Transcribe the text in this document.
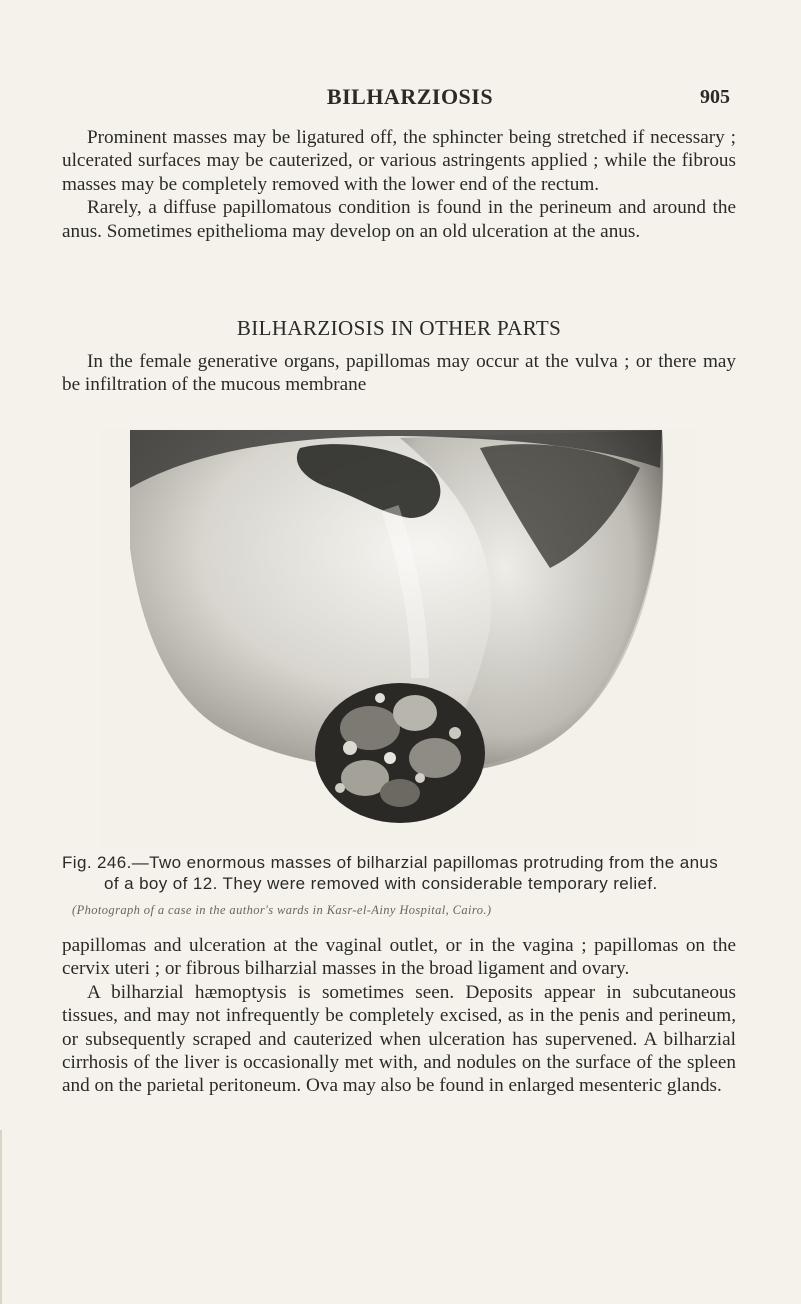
BILHARZIOSIS	905

Prominent masses may be ligatured off, the sphincter being stretched if necessary ; ulcerated surfaces may be cauterized, or various astringents applied ; while the fibrous masses may be completely removed with the lower end of the rectum.

Rarely, a diffuse papillomatous condition is found in the perineum and around the anus. Sometimes epithelioma may develop on an old ulceration at the anus.

BILHARZIOSIS IN OTHER PARTS

In the female generative organs, papillomas may occur at the vulva ; or there may be infiltration of the mucous membrane

Fig. 246.—Two enormous masses of bilharzial papillomas protruding from the anus of a boy of 12. They were removed with considerable temporary relief.
(Photograph of a case in the author's wards in Kasr-el-Ainy Hospital, Cairo.)

papillomas and ulceration at the vaginal outlet, or in the vagina ; papillomas on the cervix uteri ; or fibrous bilharzial masses in the broad ligament and ovary.

A bilharzial hæmoptysis is sometimes seen. Deposits appear in subcutaneous tissues, and may not infrequently be completely excised, as in the penis and perineum, or subsequently scraped and cauterized when ulceration has supervened. A bilharzial cirrhosis of the liver is occasionally met with, and nodules on the surface of the spleen and on the parietal peritoneum. Ova may also be found in enlarged mesenteric glands.
